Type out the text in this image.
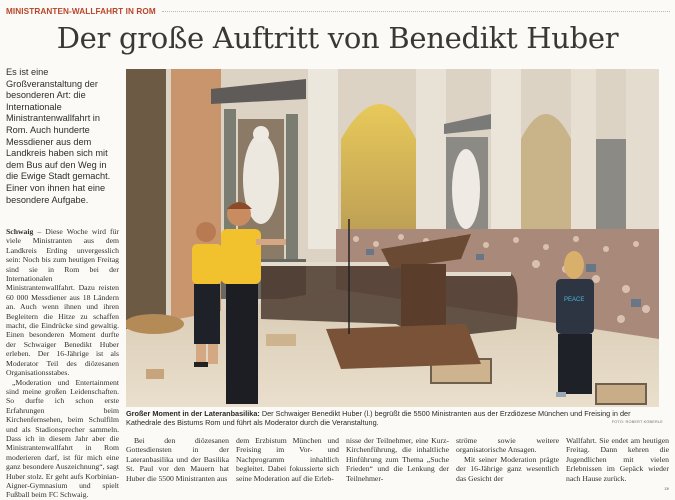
MINISTRANTEN-WALLFAHRT IN ROM
Der große Auftritt von Benedikt Huber
Es ist eine Großveranstaltung der besonderen Art: die Internationale Ministrantenwallfahrt in Rom. Auch hunderte Messdiener aus dem Landkreis haben sich mit dem Bus auf den Weg in die Ewige Stadt gemacht. Einer von ihnen hat eine besondere Aufgabe.

Schwaig – Diese Woche wird für viele Ministranten aus dem Landkreis Erding unvergesslich sein: Noch bis zum heutigen Freitag sind sie in Rom bei der Internationalen Ministrantenwallfahrt. Dazu reisten 60 000 Messdiener aus 18 Ländern an. Auch wenn ihnen und ihren Begleitern die Hitze zu schaffen macht, die Eindrücke sind gewaltig. Einen besonderen Moment durfte der Schwaiger Benedikt Huber erleben. Der 16-Jährige ist als Moderator Teil des diözesanen Organisationsstabes.

„Moderation und Entertainment sind meine großen Leidenschaften. So durfte ich schon erste Erfahrungen beim Kirchenfernsehen, beim Schulfilm und als Stadionsprecher sammeln. Dass ich in diesem Jahr aber die Ministrantenwallfahrt in Rom moderieren darf, ist für mich eine ganz besondere Auszeichnung“, sagt Huber stolz. Er geht aufs Korbinian-Aigner-Gymnasium und spielt Fußball beim FC Schwaig.

PEACE
Großer Moment in der Lateranbasilika: Der Schwaiger Benedikt Huber (l.) begrüßt die 5500 Ministranten aus der Erzdiözese München und Freising in der Kathedrale des Bistums Rom und führt als Moderator durch die Veranstaltung.	FOTO: ROBERT KÖBERLE

Bei den diözesanen Gottesdiensten in der Lateranbasilika und der Basilika St. Paul vor den Mauern hat Huber die 5500 Ministranten aus

dem Erzbistum München und Freising im Vor- und Nachprogramm inhaltlich begleitet. Dabei fokussierte sich seine Moderation auf die Erleb-

nisse der Teilnehmer, eine Kurz-Kirchenführung, die inhaltliche Hinführung zum Thema „Suche Frieden“ und die Lenkung der Teilnehmer-

ströme sowie weitere organisatorische Ansagen.

Mit seiner Moderation prägte der 16-Jährige ganz wesentlich das Gesicht der

Wallfahrt. Sie endet am heutigen Freitag. Dann kehren die Jugendlichen mit vielen Erlebnissen im Gepäck wieder nach Hause zurück.

ze
